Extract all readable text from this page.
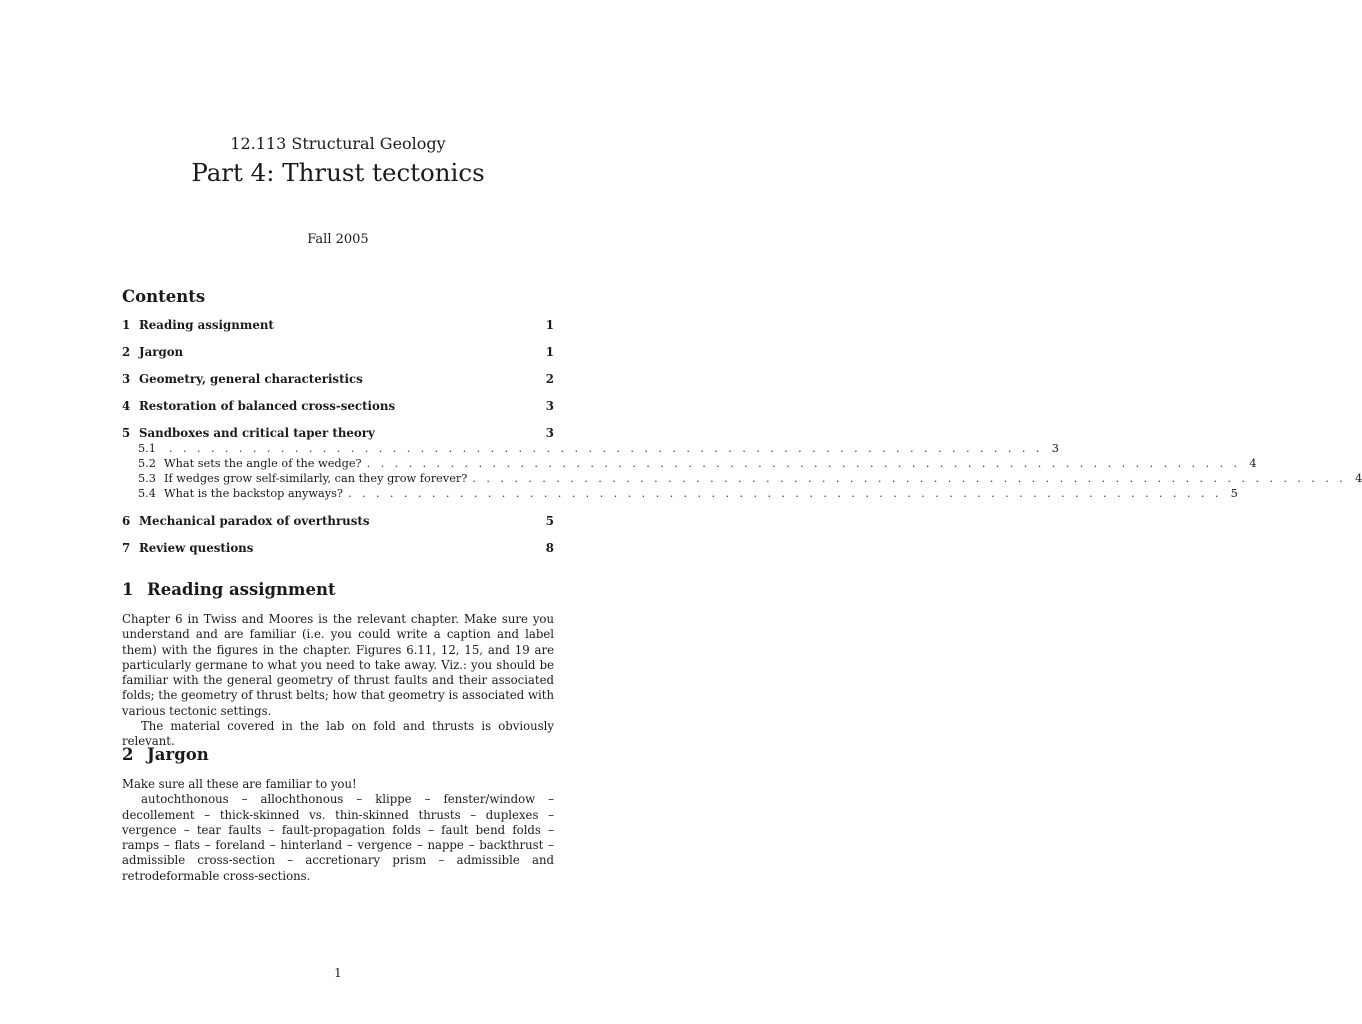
12.113 Structural Geology
Part 4: Thrust tectonics
Fall 2005
Contents
1 Reading assignment	1
2 Jargon	1
3 Geometry, general characteristics	2
4 Restoration of balanced cross-sections	3
5 Sandboxes and critical taper theory	3
5.1	. . . . . . . . . . . . . . . . . . . . . . . . . . . . . . . . . . . . . . . . . . . . . . . . . . . . . . . . . . . . . . . 3
5.2 What sets the angle of the wedge? . . . . . . . . . . . . . . . . . . . . . . . . . . . . . . . . . . . . . . . . . . . . . . . . . . . . . . . . . . . . . . . 4
5.3 If wedges grow self-similarly, can they grow forever? . . . . . . . . . . . . . . . . . . . . . . . . . . . . . . . . . . . . . . . . . . . . . . . . . . . . . . . . . . . . . . . 4
5.4 What is the backstop anyways? . . . . . . . . . . . . . . . . . . . . . . . . . . . . . . . . . . . . . . . . . . . . . . . . . . . . . . . . . . . . . . . 5
6 Mechanical paradox of overthrusts	5
7 Review questions	8
1 Reading assignment

Chapter 6 in Twiss and Moores is the relevant chapter. Make sure you understand and are familiar (i.e. you could write a caption and label them) with the figures in the chapter. Figures 6.11, 12, 15, and 19 are particularly germane to what you need to take away. Viz.: you should be familiar with the general geometry of thrust faults and their associated folds; the geometry of thrust belts; how that geometry is associated with various tectonic settings.

The material covered in the lab on fold and thrusts is obviously relevant.

2 Jargon

Make sure all these are familiar to you!

autochthonous – allochthonous – klippe – fenster/window – decollement – thick-skinned vs. thin-skinned thrusts – duplexes – vergence – tear faults – fault-propagation folds – fault bend folds – ramps – flats – foreland – hinterland – vergence – nappe – backthrust – admissible cross-section – accretionary prism – admissible and retrodeformable cross-sections.

1
